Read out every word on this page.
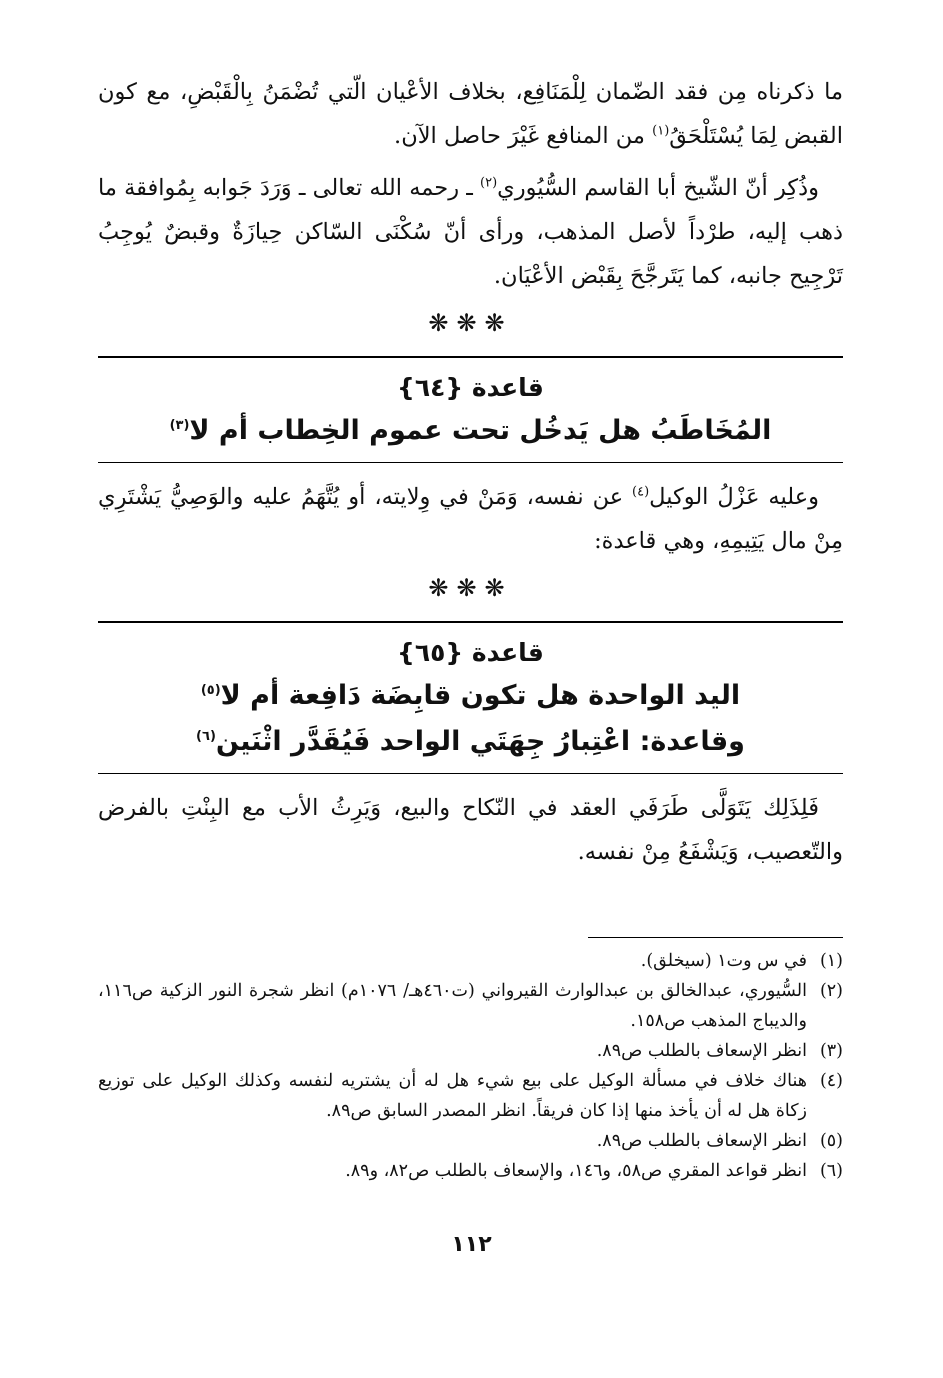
ما ذكرناه مِن فقد الضّمان لِلْمَنَافِع، بخلاف الأعْيان الّتي تُضْمَنُ بِالْقَبْضِ، مع كون القبض لِمَا يُسْتَلْحَقُ$^{(١)}$ من المنافع غَيْرَ حاصل الآن.

وذُكِر أنّ الشّيخ أبا القاسم السُّيُوري$^{(٢)}$ ـ رحمه الله تعالى ـ وَرَدَ جَوابه بِمُوافقة ما ذهب إليه، طرْداً لأصل المذهب، ورأى أنّ سُكْنَى السّاكن حِيازَةٌ وقبضٌ يُوجِبُ تَرْجِيح جانبه، كما يَتَرجَّحَ بِقَبْض الأعْيَان.

❋❋❋

قاعدة {٦٤}

المُخَاطَبُ هل يَدخُل تحت عموم الخِطاب أم لا$^{(٣)}$

وعليه عَزْلُ الوكيل$^{(٤)}$ عن نفسه، وَمَنْ في وِلايته، أو يُتَّهَمُ عليه والوَصِيُّ يَشْتَرِي مِنْ مال يَتِيمِهِ، وهي قاعدة:

❋❋❋

قاعدة {٦٥}

اليد الواحدة هل تكون قابِضَة دَافِعة أم لا$^{(٥)}$

وقاعدة: اعْتِبارُ جِهَتَي الواحد فَيُقَدَّر اثْنَين$^{(٦)}$

فَلِذَلِك يَتَوَلَّى طَرَفَي العقد في النّكاح والبيع، وَيَرِثُ الأب مع البِنْتِ بالفرض والتّعصيب، وَيَشْفَعُ مِنْ نفسه.

(١)
في س وت١ (سيخلق).
(٢)
السُّيوري، عبدالخالق بن عبدالوارث القيرواني (ت٤٦٠هـ/ ١٠٧٦م) انظر شجرة النور الزكية ص١١٦، والديباج المذهب ص١٥٨.
(٣)
انظر الإسعاف بالطلب ص٨٩.
(٤)
هناك خلاف في مسألة الوكيل على بيع شيء هل له أن يشتريه لنفسه وكذلك الوكيل على توزيع زكاة هل له أن يأخذ منها إذا كان فريقاً. انظر المصدر السابق ص٨٩.
(٥)
انظر الإسعاف بالطلب ص٨٩.
(٦)
انظر قواعد المقري ص٥٨، و١٤٦، والإسعاف بالطلب ص٨٢، و٨٩.
١١٢
